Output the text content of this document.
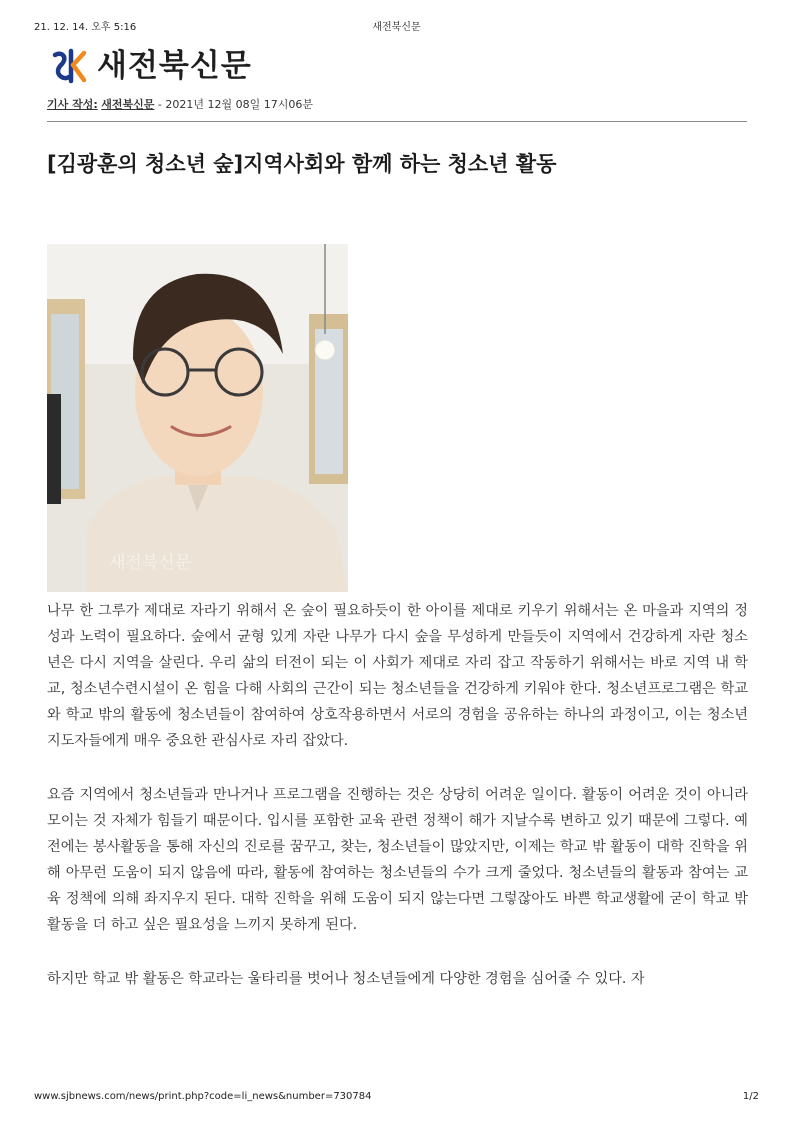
21. 12. 14. 오후 5:16	새전북신문
새전북신문
기사 작성: 새전북신문 - 2021년 12월 08일 17시06분
[김광훈의 청소년 숲]지역사회와 함께 하는 청소년 활동
새전북신문

나무 한 그루가 제대로 자라기 위해서 온 숲이 필요하듯이 한 아이를 제대로 키우기 위해서는 온 마을과 지역의 정성과 노력이 필요하다. 숲에서 균형 있게 자란 나무가 다시 숲을 무성하게 만들듯이 지역에서 건강하게 자란 청소년은 다시 지역을 살린다. 우리 삶의 터전이 되는 이 사회가 제대로 자리 잡고 작동하기 위해서는 바로 지역 내 학교, 청소년수련시설이 온 힘을 다해 사회의 근간이 되는 청소년들을 건강하게 키워야 한다. 청소년프로그램은 학교와 학교 밖의 활동에 청소년들이 참여하여 상호작용하면서 서로의 경험을 공유하는 하나의 과정이고, 이는 청소년 지도자들에게 매우 중요한 관심사로 자리 잡았다.

요즘 지역에서 청소년들과 만나거나 프로그램을 진행하는 것은 상당히 어려운 일이다. 활동이 어려운 것이 아니라 모이는 것 자체가 힘들기 때문이다. 입시를 포함한 교육 관련 정책이 해가 지날수록 변하고 있기 때문에 그렇다. 예전에는 봉사활동을 통해 자신의 진로를 꿈꾸고, 찾는, 청소년들이 많았지만, 이제는 학교 밖 활동이 대학 진학을 위해 아무런 도움이 되지 않음에 따라, 활동에 참여하는 청소년들의 수가 크게 줄었다. 청소년들의 활동과 참여는 교육 정책에 의해 좌지우지 된다. 대학 진학을 위해 도움이 되지 않는다면 그렇잖아도 바쁜 학교생활에 굳이 학교 밖 활동을 더 하고 싶은 필요성을 느끼지 못하게 된다.

하지만 학교 밖 활동은 학교라는 울타리를 벗어나 청소년들에게 다양한 경험을 심어줄 수 있다. 자

www.sjbnews.com/news/print.php?code=li_news&number=730784	1/2
